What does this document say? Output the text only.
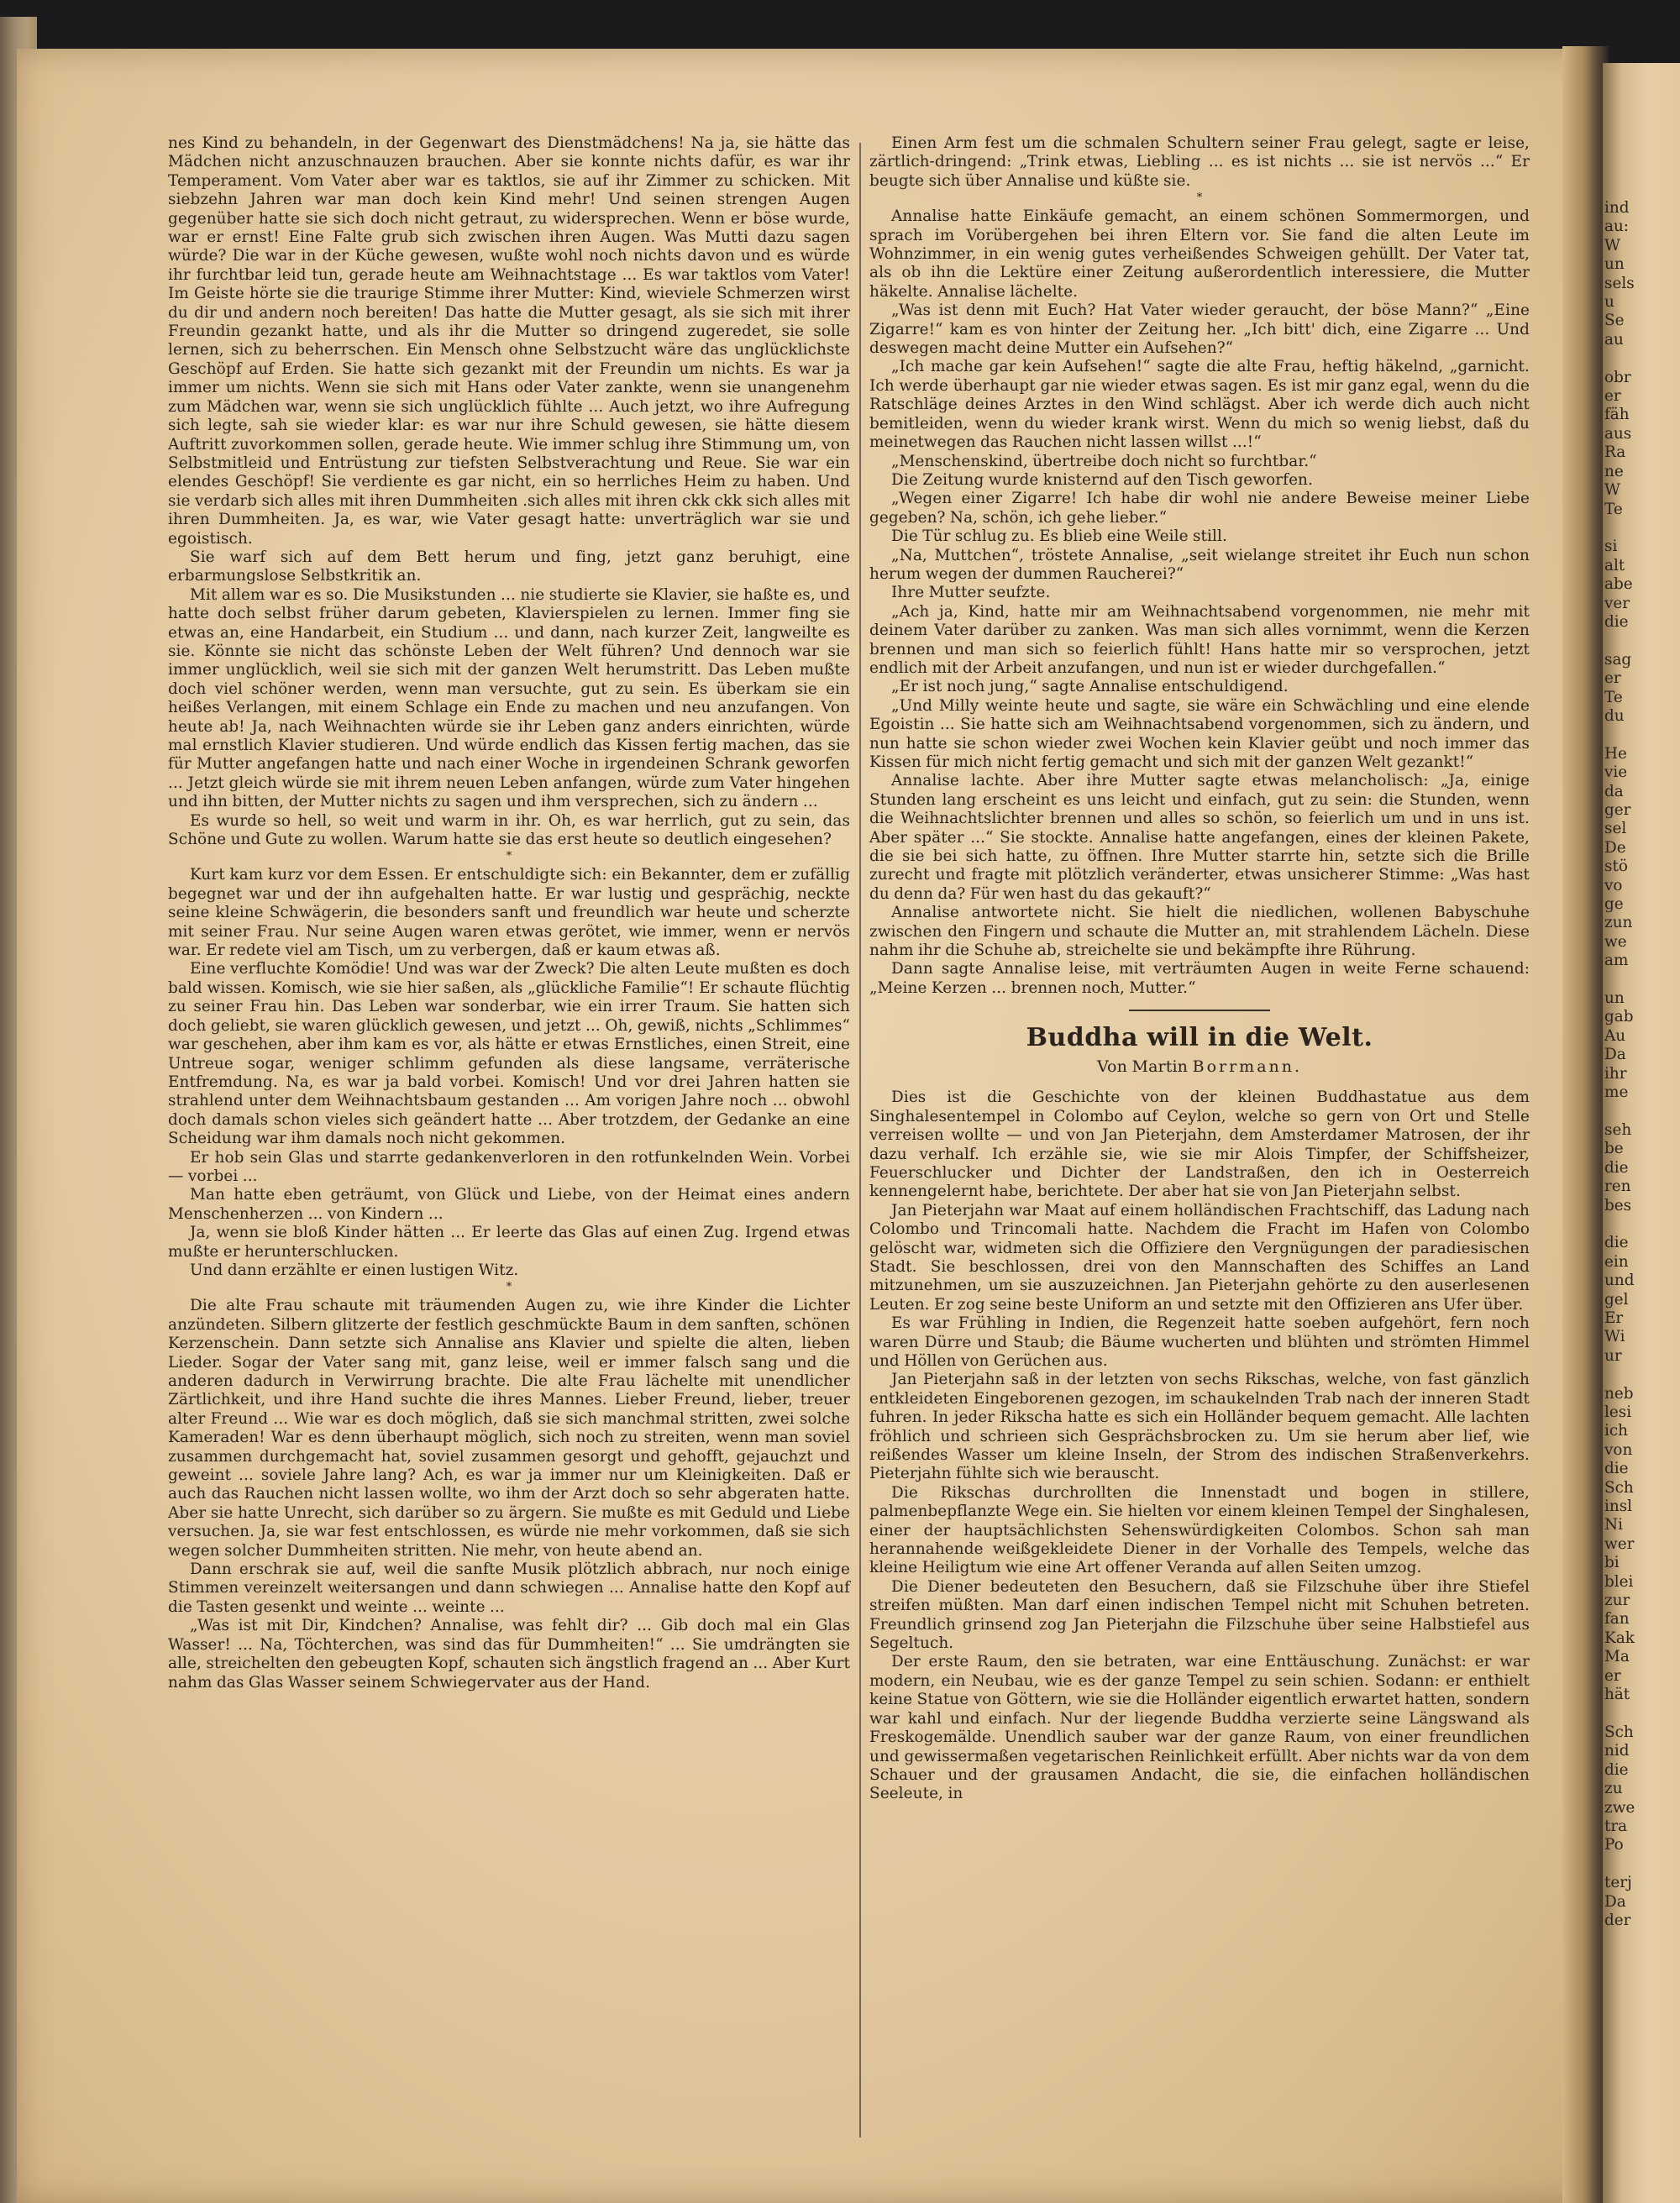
ind
au:
W
un
sels
u
Se
au

obr
er
fäh
aus
Ra
ne
W
Te

si
alt
abe
ver
die

sag
er
Te
du

He
vie
da
ger
sel
De
stö
vo
ge
zun
we
am

un
gab
Au
Da
ihr
me

seh
be
die
ren
bes

die
ein
und
gel
Er
Wi
ur

neb
lesi
ich
von
die
Sch
insl
Ni
wer
bi
blei
zur
fan
Kak
Ma
er
hät

Sch
nid
die
zu
zwe
tra
Po

terj
Da
der

nes Kind zu behandeln, in der Gegenwart des Dienstmädchens! Na ja, sie hätte das Mädchen nicht anzuschnauzen brauchen. Aber sie konnte nichts dafür, es war ihr Temperament. Vom Vater aber war es taktlos, sie auf ihr Zimmer zu schicken. Mit siebzehn Jahren war man doch kein Kind mehr! Und seinen strengen Augen gegenüber hatte sie sich doch nicht getraut, zu widersprechen. Wenn er böse wurde, war er ernst! Eine Falte grub sich zwischen ihren Augen. Was Mutti dazu sagen würde? Die war in der Küche gewesen, wußte wohl noch nichts davon und es würde ihr furchtbar leid tun, gerade heute am Weihnachtstage ... Es war taktlos vom Vater! Im Geiste hörte sie die traurige Stimme ihrer Mutter: Kind, wieviele Schmerzen wirst du dir und andern noch bereiten! Das hatte die Mutter gesagt, als sie sich mit ihrer Freundin gezankt hatte, und als ihr die Mutter so dringend zugeredet, sie solle lernen, sich zu beherrschen. Ein Mensch ohne Selbstzucht wäre das unglücklichste Geschöpf auf Erden. Sie hatte sich gezankt mit der Freundin um nichts. Es war ja immer um nichts. Wenn sie sich mit Hans oder Vater zankte, wenn sie unangenehm zum Mädchen war, wenn sie sich unglücklich fühlte ... Auch jetzt, wo ihre Aufregung sich legte, sah sie wieder klar: es war nur ihre Schuld gewesen, sie hätte diesem Auftritt zuvorkommen sollen, gerade heute. Wie immer schlug ihre Stimmung um, von Selbstmitleid und Entrüstung zur tiefsten Selbstverachtung und Reue. Sie war ein elendes Geschöpf! Sie verdiente es gar nicht, ein so herrliches Heim zu haben. Und sie verdarb sich alles mit ihren Dummheiten .sich alles mit ihren ckk ckk sich alles mit ihren Dummheiten. Ja, es war, wie Vater gesagt hatte: unverträglich war sie und egoistisch.

Sie warf sich auf dem Bett herum und fing, jetzt ganz beruhigt, eine erbarmungslose Selbstkritik an.

Mit allem war es so. Die Musikstunden ... nie studierte sie Klavier, sie haßte es, und hatte doch selbst früher darum gebeten, Klavierspielen zu lernen. Immer fing sie etwas an, eine Handarbeit, ein Studium ... und dann, nach kurzer Zeit, langweilte es sie. Könnte sie nicht das schönste Leben der Welt führen? Und dennoch war sie immer unglücklich, weil sie sich mit der ganzen Welt herumstritt. Das Leben mußte doch viel schöner werden, wenn man versuchte, gut zu sein. Es überkam sie ein heißes Verlangen, mit einem Schlage ein Ende zu machen und neu anzufangen. Von heute ab! Ja, nach Weihnachten würde sie ihr Leben ganz anders einrichten, würde mal ernstlich Klavier studieren. Und würde endlich das Kissen fertig machen, das sie für Mutter angefangen hatte und nach einer Woche in irgendeinen Schrank geworfen ... Jetzt gleich würde sie mit ihrem neuen Leben anfangen, würde zum Vater hingehen und ihn bitten, der Mutter nichts zu sagen und ihm versprechen, sich zu ändern ...

Es wurde so hell, so weit und warm in ihr. Oh, es war herrlich, gut zu sein, das Schöne und Gute zu wollen. Warum hatte sie das erst heute so deutlich eingesehen?

*

Kurt kam kurz vor dem Essen. Er entschuldigte sich: ein Bekannter, dem er zufällig begegnet war und der ihn aufgehalten hatte. Er war lustig und gesprächig, neckte seine kleine Schwägerin, die besonders sanft und freundlich war heute und scherzte mit seiner Frau. Nur seine Augen waren etwas gerötet, wie immer, wenn er nervös war. Er redete viel am Tisch, um zu verbergen, daß er kaum etwas aß.

Eine verfluchte Komödie! Und was war der Zweck? Die alten Leute mußten es doch bald wissen. Komisch, wie sie hier saßen, als „glückliche Familie“! Er schaute flüchtig zu seiner Frau hin. Das Leben war sonderbar, wie ein irrer Traum. Sie hatten sich doch geliebt, sie waren glücklich gewesen, und jetzt ... Oh, gewiß, nichts „Schlimmes“ war geschehen, aber ihm kam es vor, als hätte er etwas Ernstliches, einen Streit, eine Untreue sogar, weniger schlimm gefunden als diese langsame, verräterische Entfremdung. Na, es war ja bald vorbei. Komisch! Und vor drei Jahren hatten sie strahlend unter dem Weihnachtsbaum gestanden ... Am vorigen Jahre noch ... obwohl doch damals schon vieles sich geändert hatte ... Aber trotzdem, der Gedanke an eine Scheidung war ihm damals noch nicht gekommen.

Er hob sein Glas und starrte gedankenverloren in den rotfunkelnden Wein. Vorbei — vorbei ...

Man hatte eben geträumt, von Glück und Liebe, von der Heimat eines andern Menschenherzen ... von Kindern ...

Ja, wenn sie bloß Kinder hätten ... Er leerte das Glas auf einen Zug. Irgend etwas mußte er herunterschlucken.

Und dann erzählte er einen lustigen Witz.

*

Die alte Frau schaute mit träumenden Augen zu, wie ihre Kinder die Lichter anzündeten. Silbern glitzerte der festlich geschmückte Baum in dem sanften, schönen Kerzenschein. Dann setzte sich Annalise ans Klavier und spielte die alten, lieben Lieder. Sogar der Vater sang mit, ganz leise, weil er immer falsch sang und die anderen dadurch in Verwirrung brachte. Die alte Frau lächelte mit unendlicher Zärtlichkeit, und ihre Hand suchte die ihres Mannes. Lieber Freund, lieber, treuer alter Freund ... Wie war es doch möglich, daß sie sich manchmal stritten, zwei solche Kameraden! War es denn überhaupt möglich, sich noch zu streiten, wenn man soviel zusammen durchgemacht hat, soviel zusammen gesorgt und gehofft, gejauchzt und geweint ... soviele Jahre lang? Ach, es war ja immer nur um Kleinigkeiten. Daß er auch das Rauchen nicht lassen wollte, wo ihm der Arzt doch so sehr abgeraten hatte. Aber sie hatte Unrecht, sich darüber so zu ärgern. Sie mußte es mit Geduld und Liebe versuchen. Ja, sie war fest entschlossen, es würde nie mehr vorkommen, daß sie sich wegen solcher Dummheiten stritten. Nie mehr, von heute abend an.

Dann erschrak sie auf, weil die sanfte Musik plötzlich abbrach, nur noch einige Stimmen vereinzelt weitersangen und dann schwiegen ... Annalise hatte den Kopf auf die Tasten gesenkt und weinte ... weinte ...

„Was ist mit Dir, Kindchen? Annalise, was fehlt dir? ... Gib doch mal ein Glas Wasser! ... Na, Töchterchen, was sind das für Dummheiten!“ ... Sie umdrängten sie alle, streichelten den gebeugten Kopf, schauten sich ängstlich fragend an ... Aber Kurt nahm das Glas Wasser seinem Schwiegervater aus der Hand.

Einen Arm fest um die schmalen Schultern seiner Frau gelegt, sagte er leise, zärtlich-dringend: „Trink etwas, Liebling ... es ist nichts ... sie ist nervös ...“ Er beugte sich über Annalise und küßte sie.

*

Annalise hatte Einkäufe gemacht, an einem schönen Sommermorgen, und sprach im Vorübergehen bei ihren Eltern vor. Sie fand die alten Leute im Wohnzimmer, in ein wenig gutes verheißendes Schweigen gehüllt. Der Vater tat, als ob ihn die Lektüre einer Zeitung außerordentlich interessiere, die Mutter häkelte. Annalise lächelte.

„Was ist denn mit Euch? Hat Vater wieder geraucht, der böse Mann?“ „Eine Zigarre!“ kam es von hinter der Zeitung her. „Ich bitt' dich, eine Zigarre ... Und deswegen macht deine Mutter ein Aufsehen?“

„Ich mache gar kein Aufsehen!“ sagte die alte Frau, heftig häkelnd, „garnicht. Ich werde überhaupt gar nie wieder etwas sagen. Es ist mir ganz egal, wenn du die Ratschläge deines Arztes in den Wind schlägst. Aber ich werde dich auch nicht bemitleiden, wenn du wieder krank wirst. Wenn du mich so wenig liebst, daß du meinetwegen das Rauchen nicht lassen willst ...!“

„Menschenskind, übertreibe doch nicht so furchtbar.“

Die Zeitung wurde knisternd auf den Tisch geworfen.

„Wegen einer Zigarre! Ich habe dir wohl nie andere Beweise meiner Liebe gegeben? Na, schön, ich gehe lieber.“

Die Tür schlug zu. Es blieb eine Weile still.

„Na, Muttchen“, tröstete Annalise, „seit wielange streitet ihr Euch nun schon herum wegen der dummen Raucherei?“

Ihre Mutter seufzte.

„Ach ja, Kind, hatte mir am Weihnachtsabend vorgenommen, nie mehr mit deinem Vater darüber zu zanken. Was man sich alles vornimmt, wenn die Kerzen brennen und man sich so feierlich fühlt! Hans hatte mir so versprochen, jetzt endlich mit der Arbeit anzufangen, und nun ist er wieder durchgefallen.“

„Er ist noch jung,“ sagte Annalise entschuldigend.

„Und Milly weinte heute und sagte, sie wäre ein Schwächling und eine elende Egoistin ... Sie hatte sich am Weihnachtsabend vorgenommen, sich zu ändern, und nun hatte sie schon wieder zwei Wochen kein Klavier geübt und noch immer das Kissen für mich nicht fertig gemacht und sich mit der ganzen Welt gezankt!“

Annalise lachte. Aber ihre Mutter sagte etwas melancholisch: „Ja, einige Stunden lang erscheint es uns leicht und einfach, gut zu sein: die Stunden, wenn die Weihnachtslichter brennen und alles so schön, so feierlich um und in uns ist. Aber später ...“ Sie stockte. Annalise hatte angefangen, eines der kleinen Pakete, die sie bei sich hatte, zu öffnen. Ihre Mutter starrte hin, setzte sich die Brille zurecht und fragte mit plötzlich veränderter, etwas unsicherer Stimme: „Was hast du denn da? Für wen hast du das gekauft?“

Annalise antwortete nicht. Sie hielt die niedlichen, wollenen Babyschuhe zwischen den Fingern und schaute die Mutter an, mit strahlendem Lächeln. Diese nahm ihr die Schuhe ab, streichelte sie und bekämpfte ihre Rührung.

Dann sagte Annalise leise, mit verträumten Augen in weite Ferne schauend: „Meine Kerzen ... brennen noch, Mutter.“

Buddha will in die Welt.
Von Martin Borrmann.

Dies ist die Geschichte von der kleinen Buddhastatue aus dem Singhalesentempel in Colombo auf Ceylon, welche so gern von Ort und Stelle verreisen wollte — und von Jan Pieterjahn, dem Amsterdamer Matrosen, der ihr dazu verhalf. Ich erzähle sie, wie sie mir Alois Timpfer, der Schiffsheizer, Feuerschlucker und Dichter der Landstraßen, den ich in Oesterreich kennengelernt habe, berichtete. Der aber hat sie von Jan Pieterjahn selbst.

Jan Pieterjahn war Maat auf einem holländischen Frachtschiff, das Ladung nach Colombo und Trincomali hatte. Nachdem die Fracht im Hafen von Colombo gelöscht war, widmeten sich die Offiziere den Vergnügungen der paradiesischen Stadt. Sie beschlossen, drei von den Mannschaften des Schiffes an Land mitzunehmen, um sie auszuzeichnen. Jan Pieterjahn gehörte zu den auserlesenen Leuten. Er zog seine beste Uniform an und setzte mit den Offizieren ans Ufer über.

Es war Frühling in Indien, die Regenzeit hatte soeben aufgehört, fern noch waren Dürre und Staub; die Bäume wucherten und blühten und strömten Himmel und Höllen von Gerüchen aus.

Jan Pieterjahn saß in der letzten von sechs Rikschas, welche, von fast gänzlich entkleideten Eingeborenen gezogen, im schaukelnden Trab nach der inneren Stadt fuhren. In jeder Rikscha hatte es sich ein Holländer bequem gemacht. Alle lachten fröhlich und schrieen sich Gesprächsbrocken zu. Um sie herum aber lief, wie reißendes Wasser um kleine Inseln, der Strom des indischen Straßenverkehrs. Pieterjahn fühlte sich wie berauscht.

Die Rikschas durchrollten die Innenstadt und bogen in stillere, palmenbepflanzte Wege ein. Sie hielten vor einem kleinen Tempel der Singhalesen, einer der hauptsächlichsten Sehenswürdigkeiten Colombos. Schon sah man herannahende weißgekleidete Diener in der Vorhalle des Tempels, welche das kleine Heiligtum wie eine Art offener Veranda auf allen Seiten umzog.

Die Diener bedeuteten den Besuchern, daß sie Filzschuhe über ihre Stiefel streifen müßten. Man darf einen indischen Tempel nicht mit Schuhen betreten. Freundlich grinsend zog Jan Pieterjahn die Filzschuhe über seine Halbstiefel aus Segeltuch.

Der erste Raum, den sie betraten, war eine Enttäuschung. Zunächst: er war modern, ein Neubau, wie es der ganze Tempel zu sein schien. Sodann: er enthielt keine Statue von Göttern, wie sie die Holländer eigentlich erwartet hatten, sondern war kahl und einfach. Nur der liegende Buddha verzierte seine Längswand als Freskogemälde. Unendlich sauber war der ganze Raum, von einer freundlichen und gewissermaßen vegetarischen Reinlichkeit erfüllt. Aber nichts war da von dem Schauer und der grausamen Andacht, die sie, die einfachen holländischen Seeleute, in
